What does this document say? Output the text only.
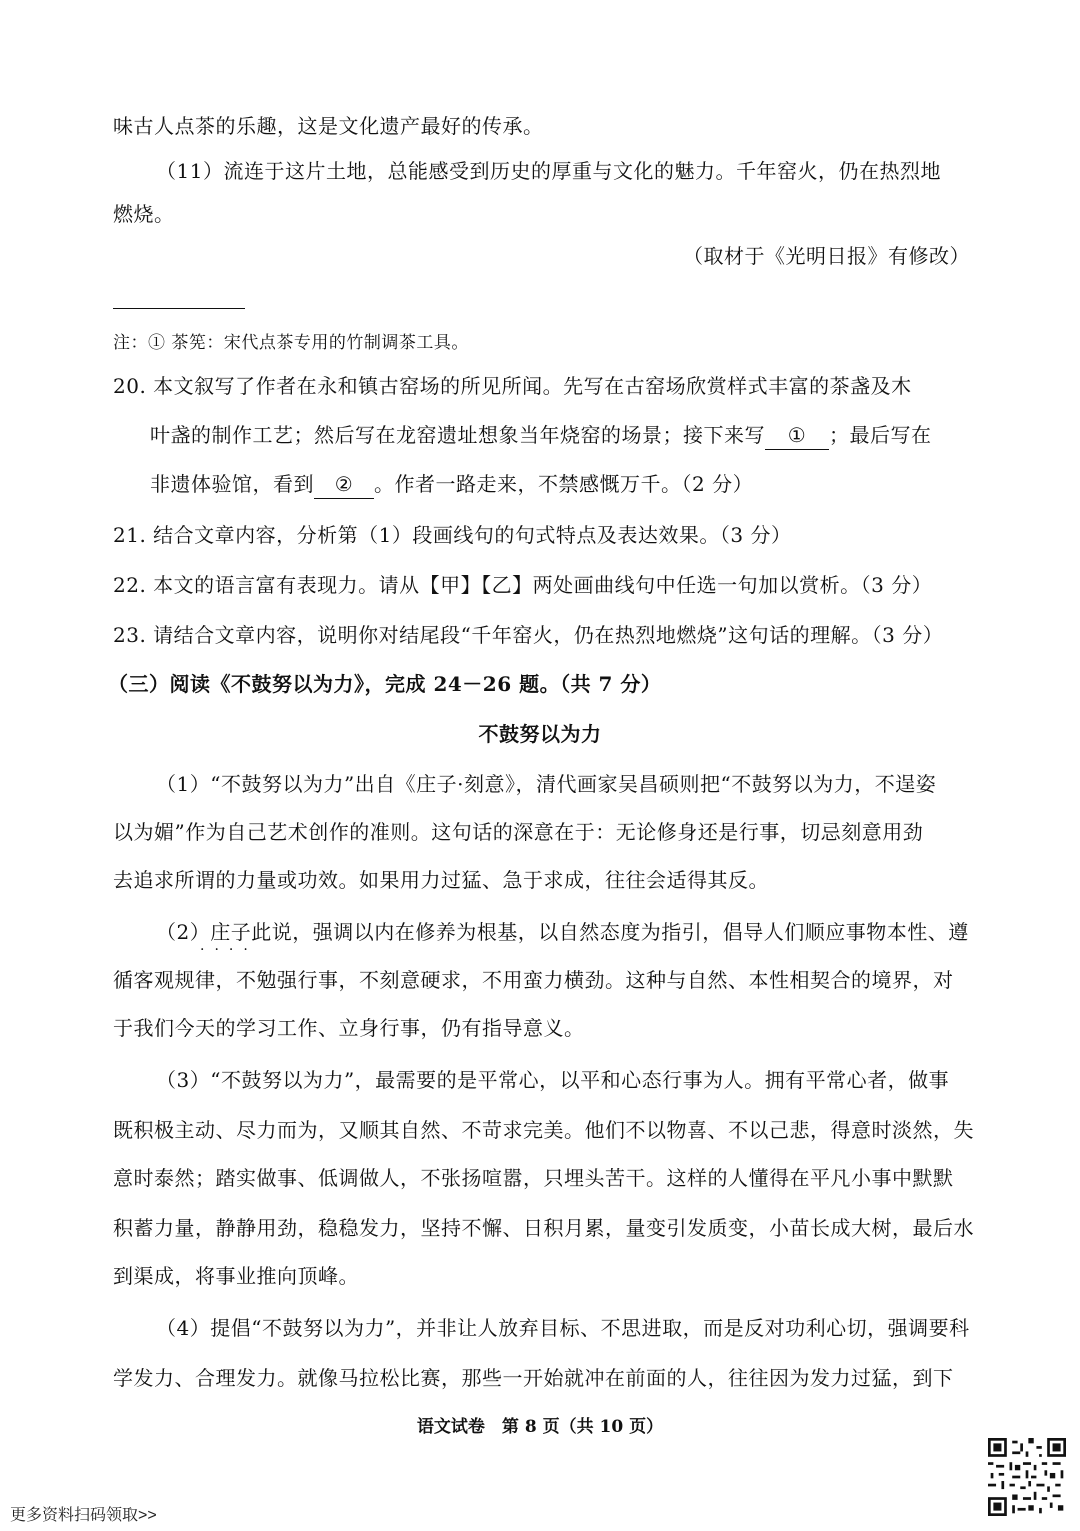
味古人点茶的乐趣，这是文化遗产最好的传承。
（11）流连于这片土地，总能感受到历史的厚重与文化的魅力。千年窑火，仍在热烈地
燃烧。
（取材于《光明日报》有修改）
注：① 茶筅：宋代点茶专用的竹制调茶工具。
20. 本文叙写了作者在永和镇古窑场的所见所闻。先写在古窑场欣赏样式丰富的茶盏及木
叶盏的制作工艺；然后写在龙窑遗址想象当年烧窑的场景；接下来写 ① ；最后写在
非遗体验馆，看到 ② 。作者一路走来，不禁感慨万千。（2 分）
21. 结合文章内容，分析第（1）段画线句的句式特点及表达效果。（3 分）
22. 本文的语言富有表现力。请从【甲】【乙】两处画曲线句中任选一句加以赏析。（3 分）
23. 请结合文章内容，说明你对结尾段“千年窑火，仍在热烈地燃烧”这句话的理解。（3 分）
（三）阅读《不鼓努以为力》，完成 24－26 题。（共 7 分）
不鼓努以为力
（1）“不鼓努以为力”出自《庄子·刻意》，清代画家吴昌硕则把“不鼓努以为力，不逞姿
以为媚”作为自己艺术创作的准则。这句话的深意在于：无论修身还是行事，切忌刻意用劲
去追求所谓的力量或功效。如果用力过猛、急于求成，往往会适得其反。
（2）庄子此说，强调以内在修养为根基，以自然态度为指引，倡导人们顺应事物本性、遵
····
循客观规律，不勉强行事，不刻意硬求，不用蛮力横劲。这种与自然、本性相契合的境界，对
于我们今天的学习工作、立身行事，仍有指导意义。
（3）“不鼓努以为力”，最需要的是平常心，以平和心态行事为人。拥有平常心者，做事
既积极主动、尽力而为，又顺其自然、不苛求完美。他们不以物喜、不以己悲，得意时淡然，失
意时泰然；踏实做事、低调做人，不张扬喧嚣，只埋头苦干。这样的人懂得在平凡小事中默默
积蓄力量，静静用劲，稳稳发力，坚持不懈、日积月累，量变引发质变，小苗长成大树，最后水
到渠成，将事业推向顶峰。
（4）提倡“不鼓努以为力”，并非让人放弃目标、不思进取，而是反对功利心切，强调要科
学发力、合理发力。就像马拉松比赛，那些一开始就冲在前面的人，往往因为发力过猛，到下
语文试卷　第 8 页（共 10 页）
更多资料扫码领取>>
